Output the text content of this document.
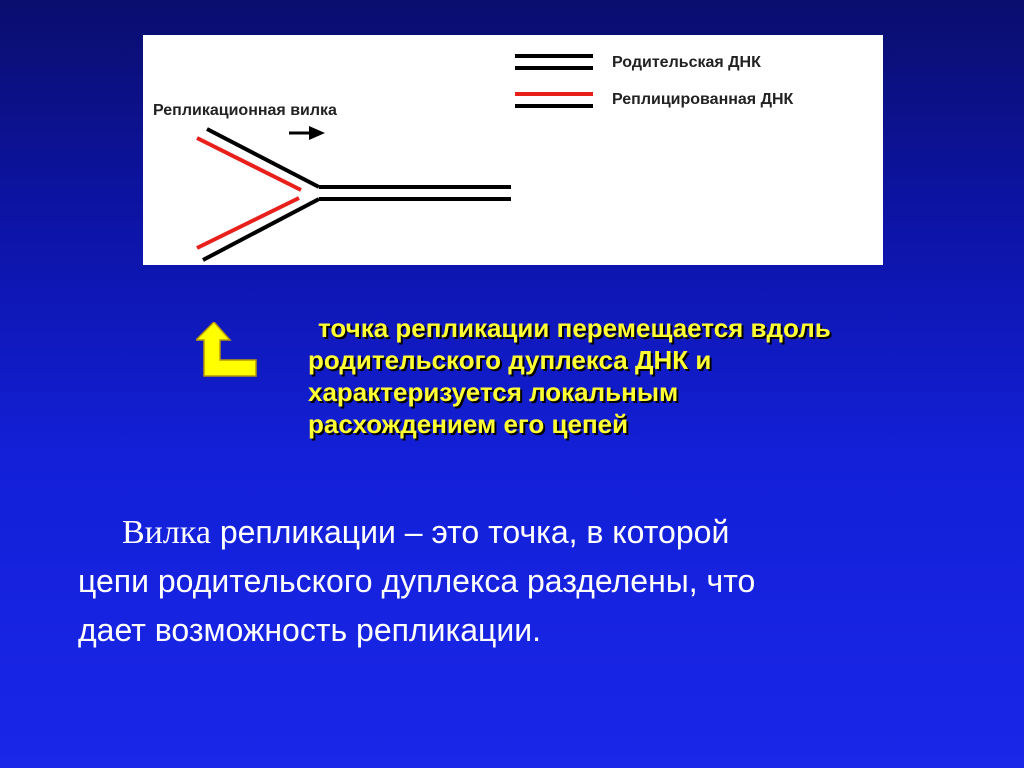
Репликационная вилка
Родительская ДНК
Реплицированная ДНК
точка репликации перемещается вдоль
родительского дуплекса ДНК и
характеризуется локальным
расхождением его цепей
Вилка репликации – это точка, в которой
цепи родительского дуплекса разделены, что
дает возможность репликации.
